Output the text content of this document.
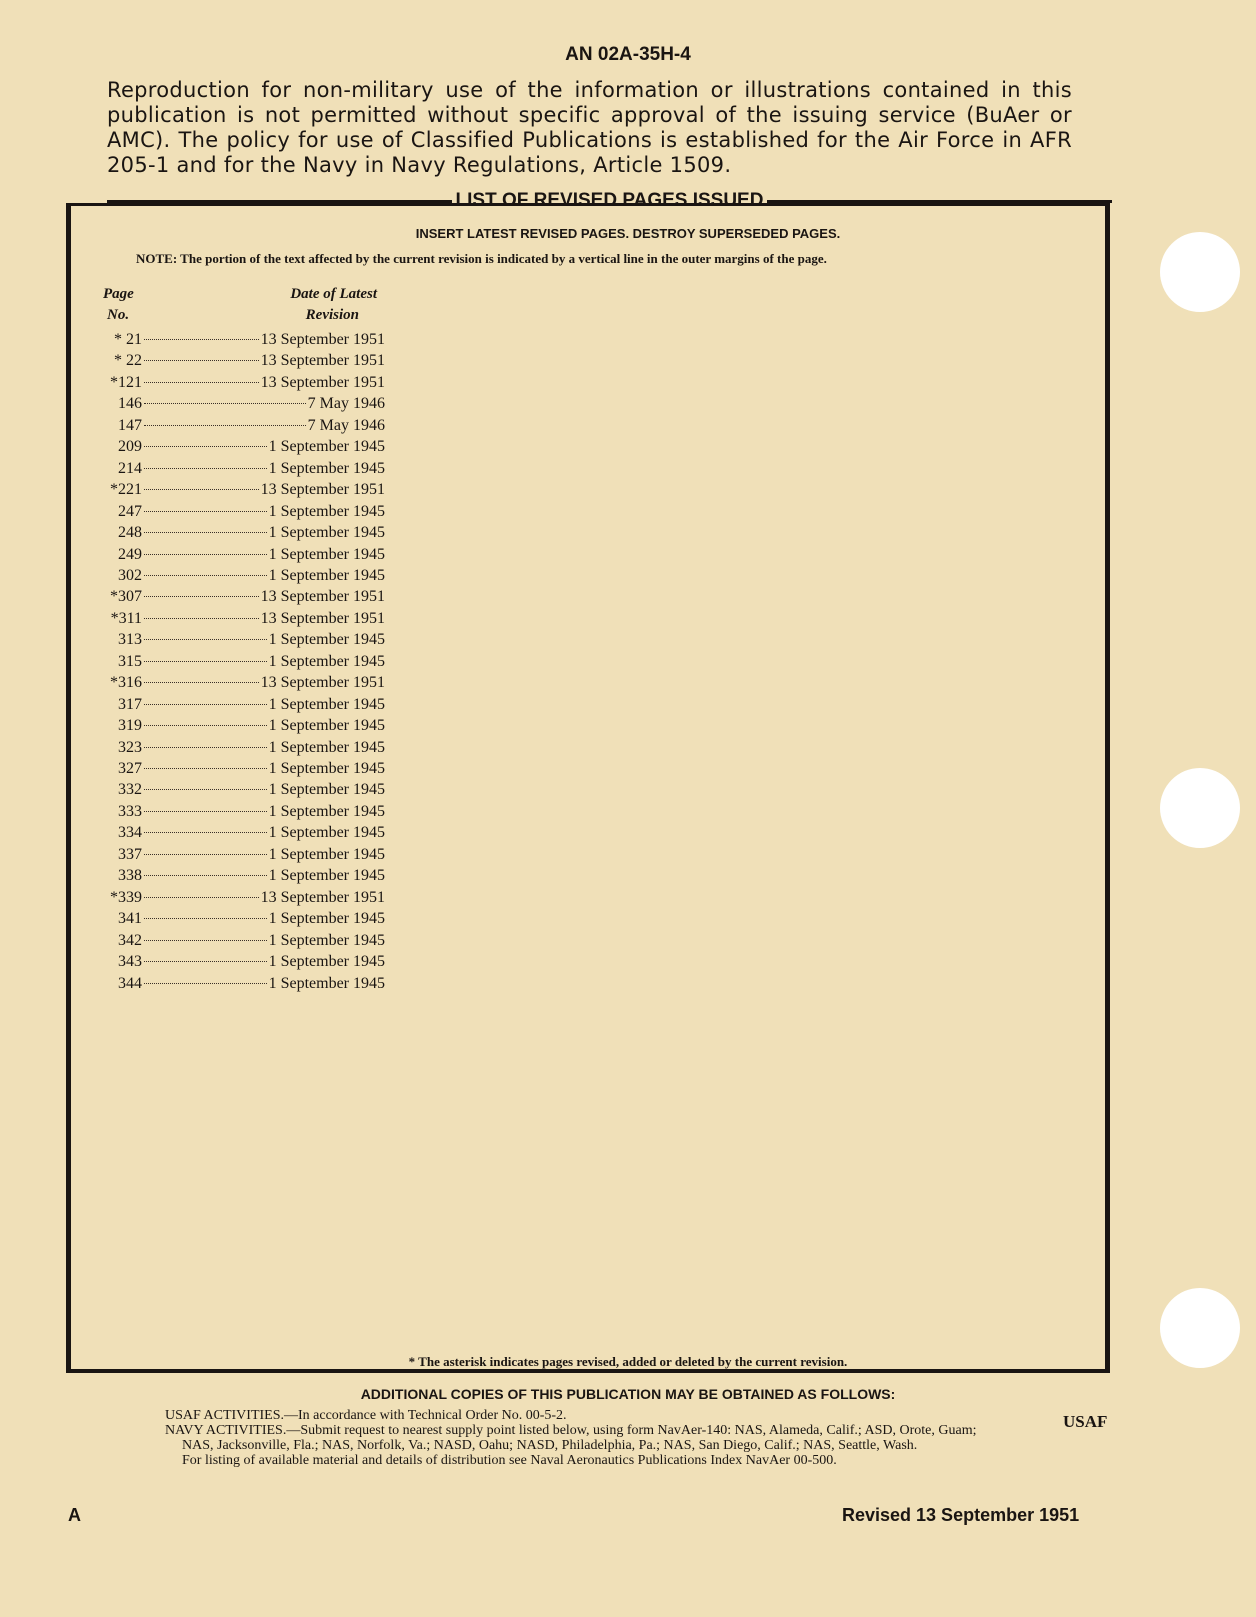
AN 02A-35H-4
Reproduction for non-military use of the information or illustrations contained in this publication is not permitted without specific approval of the issuing service (BuAer or AMC). The policy for use of Classified Publications is established for the Air Force in AFR 205-1 and for the Navy in Navy Regulations, Article 1509.
LIST OF REVISED PAGES ISSUED
INSERT LATEST REVISED PAGES. DESTROY SUPERSEDED PAGES.
NOTE: The portion of the text affected by the current revision is indicated by a vertical line in the outer margins of the page.
Page
No.
Date of Latest
Revision
* 21	13 September 1951
* 22	13 September 1951
*121	13 September 1951
146	7 May 1946
147	7 May 1946
209	1 September 1945
214	1 September 1945
*221	13 September 1951
247	1 September 1945
248	1 September 1945
249	1 September 1945
302	1 September 1945
*307	13 September 1951
*311	13 September 1951
313	1 September 1945
315	1 September 1945
*316	13 September 1951
317	1 September 1945
319	1 September 1945
323	1 September 1945
327	1 September 1945
332	1 September 1945
333	1 September 1945
334	1 September 1945
337	1 September 1945
338	1 September 1945
*339	13 September 1951
341	1 September 1945
342	1 September 1945
343	1 September 1945
344	1 September 1945
* The asterisk indicates pages revised, added or deleted by the current revision.
ADDITIONAL COPIES OF THIS PUBLICATION MAY BE OBTAINED AS FOLLOWS:

USAF ACTIVITIES.—In accordance with Technical Order No. 00-5-2.

NAVY ACTIVITIES.—Submit request to nearest supply point listed below, using form NavAer-140: NAS, Alameda, Calif.; ASD, Orote, Guam; NAS, Jacksonville, Fla.; NAS, Norfolk, Va.; NASD, Oahu; NASD, Philadelphia, Pa.; NAS, San Diego, Calif.; NAS, Seattle, Wash.

For listing of available material and details of distribution see Naval Aeronautics Publications Index NavAer 00-500.

USAF
A	Revised 13 September 1951
